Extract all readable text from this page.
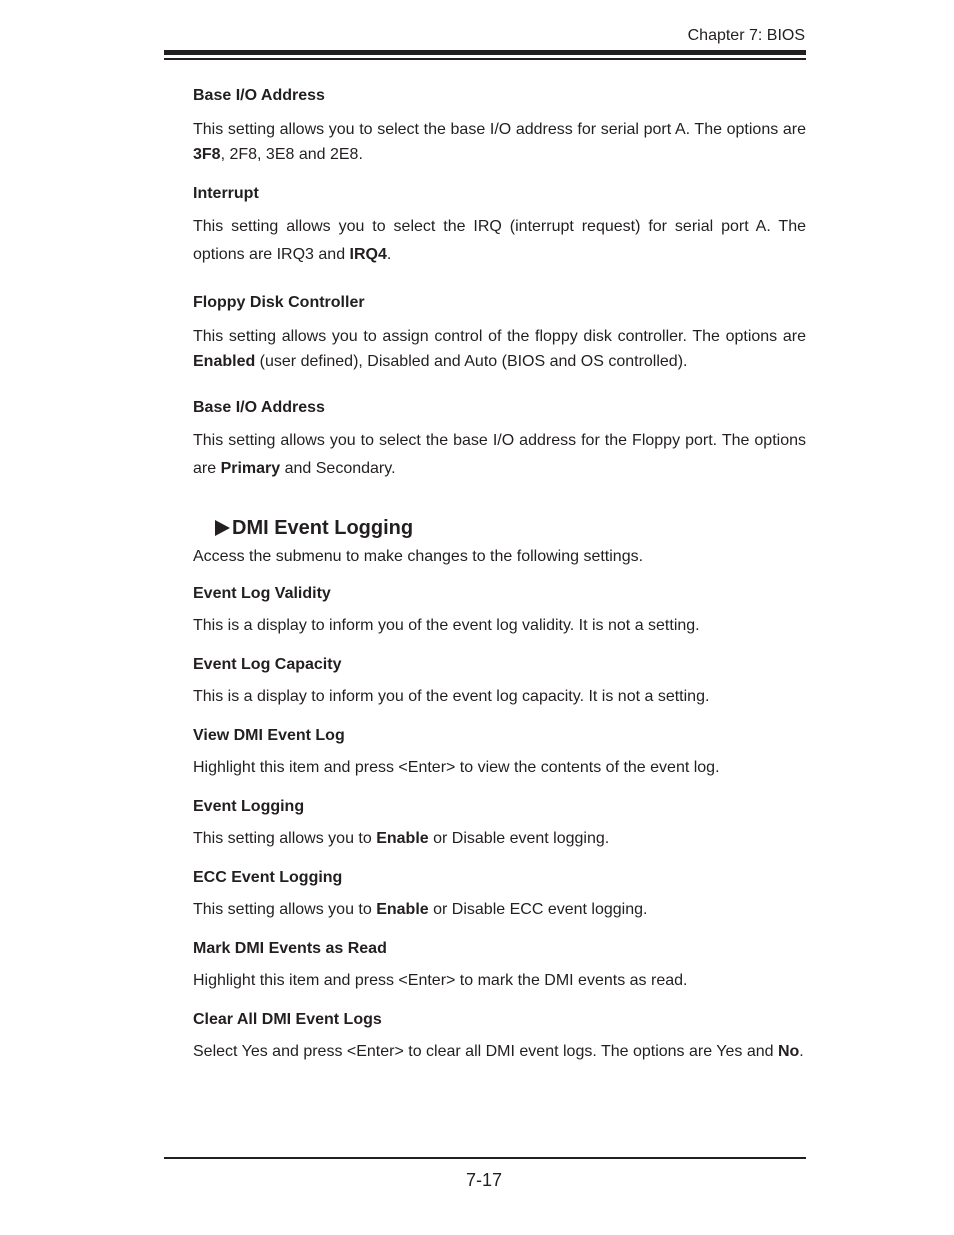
Chapter 7: BIOS

Base I/O Address

This setting allows you to select the base I/O address for serial port A. The options are 3F8, 2F8, 3E8 and 2E8.

Interrupt

This setting allows you to select the IRQ (interrupt request) for serial port A. The options are IRQ3 and IRQ4.

Floppy Disk Controller

This setting allows you to assign control of the floppy disk controller. The options are Enabled (user defined), Disabled and Auto (BIOS and OS controlled).

Base I/O Address

This setting allows you to select the base I/O address for the Floppy port. The options are Primary and Secondary.

DMI Event Logging

Access the submenu to make changes to the following settings.

Event Log Validity

This is a display to inform you of the event log validity. It is not a setting.

Event Log Capacity

This is a display to inform you of the event log capacity. It is not a setting.

View DMI Event Log

Highlight this item and press <Enter> to view the contents of the event log.

Event Logging

This setting allows you to Enable or Disable event logging.

ECC Event Logging

This setting allows you to Enable or Disable ECC event logging.

Mark DMI Events as Read

Highlight this item and press <Enter> to mark the DMI events as read.

Clear All DMI Event Logs

Select Yes and press <Enter> to clear all DMI event logs. The options are Yes and No.

7-17
